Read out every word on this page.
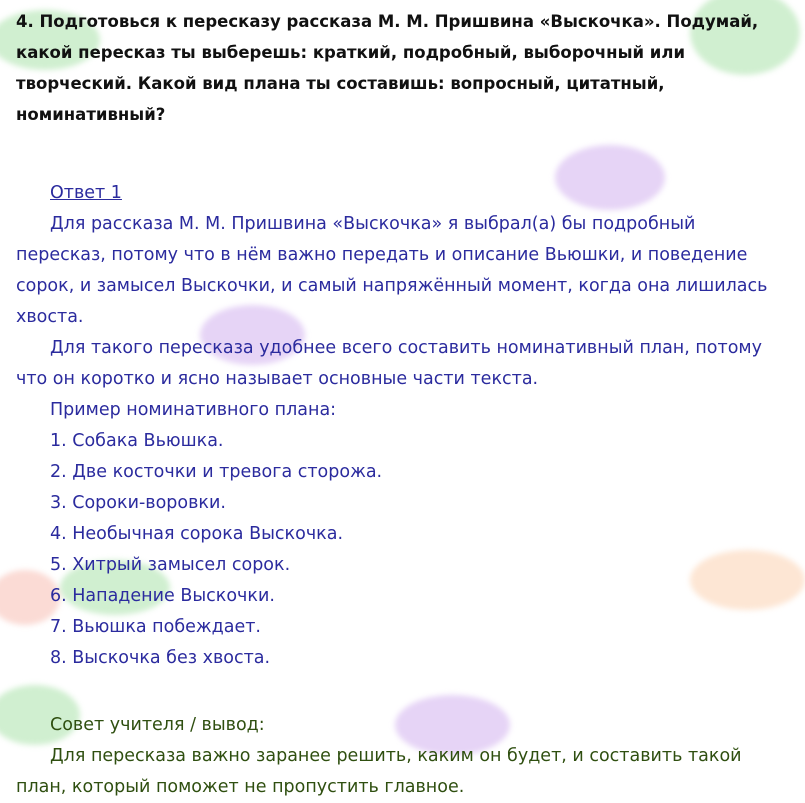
4. Подготовься к пересказу рассказа М. М. Пришвина «Выскочка». Подумай, какой пересказ ты выберешь: краткий, подробный, выборочный или творческий. Какой вид плана ты составишь: вопросный, цитатный, номинативный?

Ответ 1

Для рассказа М. М. Пришвина «Выскочка» я выбрал(а) бы подробный пересказ, потому что в нём важно передать и описание Вьюшки, и поведение сорок, и замысел Выскочки, и самый напряжённый момент, когда она лишилась хвоста.

Для такого пересказа удобнее всего составить номинативный план, потому что он коротко и ясно называет основные части текста.

Пример номинативного плана:

1. Собака Вьюшка.
2. Две косточки и тревога сторожа.
3. Сороки-воровки.
4. Необычная сорока Выскочка.
5. Хитрый замысел сорок.
6. Нападение Выскочки.
7. Вьюшка побеждает.
8. Выскочка без хвоста.

Совет учителя / вывод:

Для пересказа важно заранее решить, каким он будет, и составить такой план, который поможет не пропустить главное.
